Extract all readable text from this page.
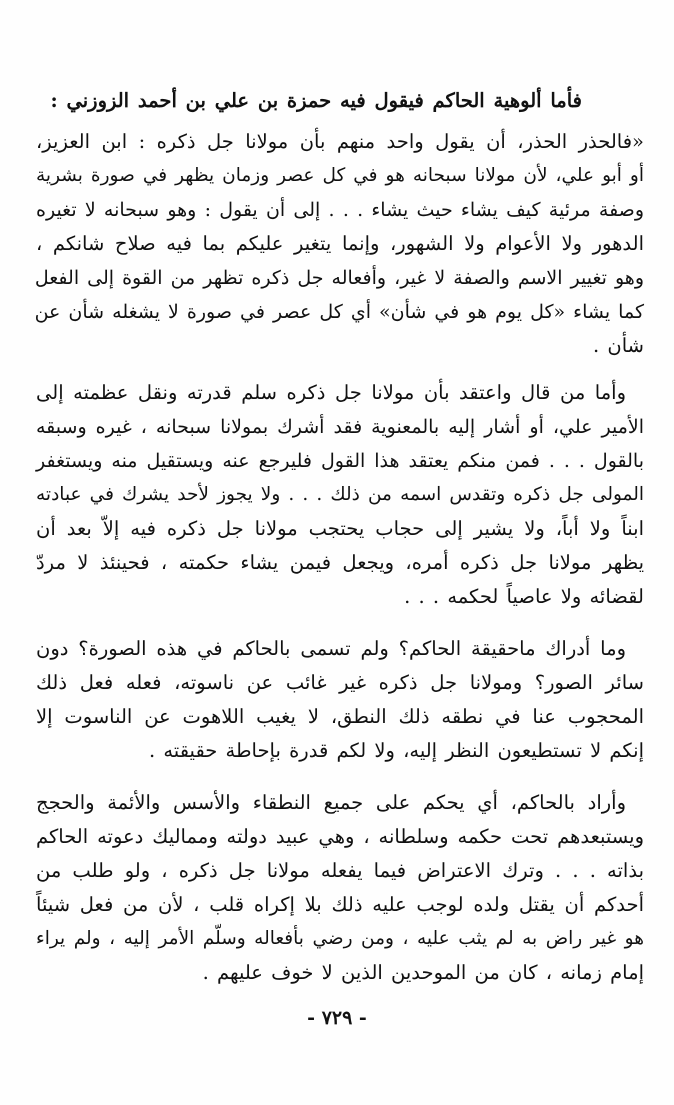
فأما ألوهية الحاكم فيقول فيه حمزة بن علي بن أحمد الزوزني :
«فالحذر الحذر، أن يقول واحد منهم بأن مولانا جل ذكره : ابن العزيز،
أو أبو علي، لأن مولانا سبحانه هو في كل عصر وزمان يظهر في صورة بشرية
وصفة مرئية كيف يشاء حيث يشاء . . . إلى أن يقول : وهو سبحانه لا تغيره
الدهور ولا الأعوام ولا الشهور، وإنما يتغير عليكم بما فيه صلاح شانكم ،
وهو تغيير الاسم والصفة لا غير، وأفعاله جل ذكره تظهر من القوة إلى الفعل
كما يشاء «كل يوم هو في شأن» أي كل عصر في صورة لا يشغله شأن عن
شأن .
وأما من قال واعتقد بأن مولانا جل ذكره سلم قدرته ونقل عظمته إلى
الأمير علي، أو أشار إليه بالمعنوية فقد أشرك بمولانا سبحانه ، غيره وسبقه
بالقول . . . فمن منكم يعتقد هذا القول فليرجع عنه ويستقيل منه ويستغفر
المولى جل ذكره وتقدس اسمه من ذلك . . . ولا يجوز لأحد يشرك في عبادته
ابناً ولا أباً، ولا يشير إلى حجاب يحتجب مولانا جل ذكره فيه إلاّ بعد أن
يظهر مولانا جل ذكره أمره، ويجعل فيمن يشاء حكمته ، فحينئذ لا مردّ
لقضائه ولا عاصياً لحكمه . . .
وما أدراك ماحقيقة الحاكم؟ ولم تسمى بالحاكم في هذه الصورة؟ دون
سائر الصور؟ ومولانا جل ذكره غير غائب عن ناسوته، فعله فعل ذلك
المحجوب عنا في نطقه ذلك النطق، لا يغيب اللاهوت عن الناسوت إلا
إنكم لا تستطيعون النظر إليه، ولا لكم قدرة بإحاطة حقيقته .
وأراد بالحاكم، أي يحكم على جميع النطقاء والأسس والأئمة والحجج
ويستبعدهم تحت حكمه وسلطانه ، وهي عبيد دولته ومماليك دعوته الحاكم
بذاته . . . وترك الاعتراض فيما يفعله مولانا جل ذكره ، ولو طلب من
أحدكم أن يقتل ولده لوجب عليه ذلك بلا إكراه قلب ، لأن من فعل شيئاً
هو غير راض به لم يثب عليه ، ومن رضي بأفعاله وسلّم الأمر إليه ، ولم يراء
إمام زمانه ، كان من الموحدين الذين لا خوف عليهم .
- ٧٢٩ -
